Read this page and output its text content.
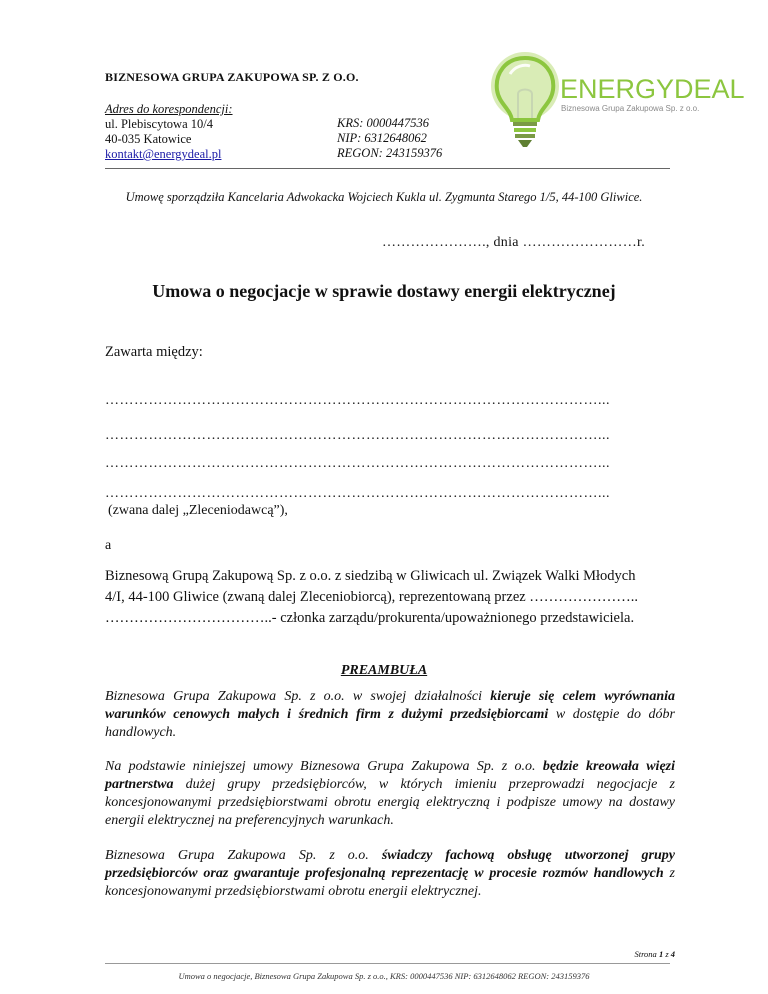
BIZNESOWA GRUPA ZAKUPOWA SP. Z O.O.
Adres do korespondencji:
ul. Plebiscytowa 10/4
40-035 Katowice
kontakt@energydeal.pl
KRS: 0000447536
NIP: 6312648062
REGON: 243159376
ENERGYDEAL
Biznesowa Grupa Zakupowa Sp. z o.o.
Umowę sporządziła Kancelaria Adwokacka Wojciech Kukla ul. Zygmunta Starego 1/5, 44-100 Gliwice.
…………………., dnia ……………………r.
Umowa o negocjacje w sprawie dostawy energii elektrycznej
Zawarta między:
…………………………………………………………………………………………...
…………………………………………………………………………………………...
…………………………………………………………………………………………...
…………………………………………………………………………………………...
(zwana dalej „Zleceniodawcą”),
a
Biznesową Grupą Zakupową Sp. z o.o. z siedzibą w Gliwicach ul. Związek Walki Młodych
4/I, 44-100 Gliwice (zwaną dalej Zleceniobiorcą), reprezentowaną przez …………………..
……………………………..- członka zarządu/prokurenta/upoważnionego przedstawiciela.
PREAMBUŁA
Biznesowa Grupa Zakupowa Sp. z o.o. w swojej działalności kieruje się celem wyrównania warunków cenowych małych i średnich firm z dużymi przedsiębiorcami w dostępie do dóbr handlowych.
Na podstawie niniejszej umowy Biznesowa Grupa Zakupowa Sp. z o.o. będzie kreowała więzi partnerstwa dużej grupy przedsiębiorców, w których imieniu przeprowadzi negocjacje z koncesjonowanymi przedsiębiorstwami obrotu energią elektryczną i podpisze umowy na dostawy energii elektrycznej na preferencyjnych warunkach.
Biznesowa Grupa Zakupowa Sp. z o.o. świadczy fachową obsługę utworzonej grupy przedsiębiorców oraz gwarantuje profesjonalną reprezentację w procesie rozmów handlowych z koncesjonowanymi przedsiębiorstwami obrotu energii elektrycznej.
Strona 1 z 4
Umowa o negocjacje, Biznesowa Grupa Zakupowa Sp. z o.o., KRS: 0000447536 NIP: 6312648062 REGON: 243159376
